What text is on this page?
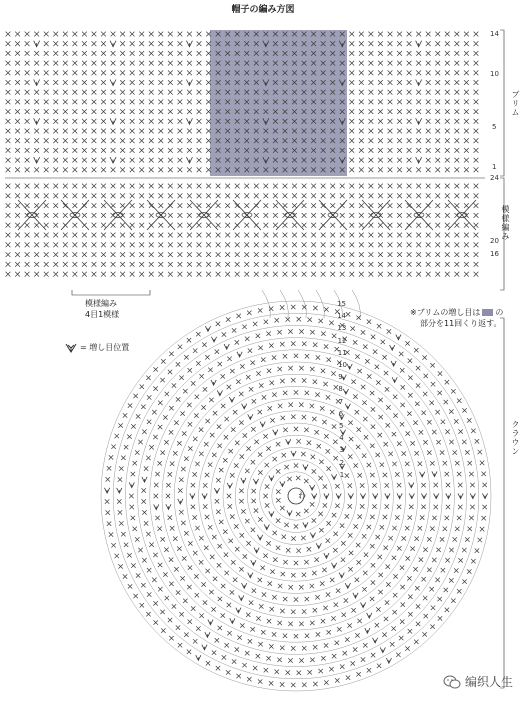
帽子の編み方図
14
10
5
1
24
20
16
ブリム
模様編み
クラウン
模様編み
4目1模様	※ブリムの増し目は の
部分を11回くり返す。
= 増し目位置
わ
15
14
13
12
11
10
9
8
7
6
5
4
3
2
1
编织人生
